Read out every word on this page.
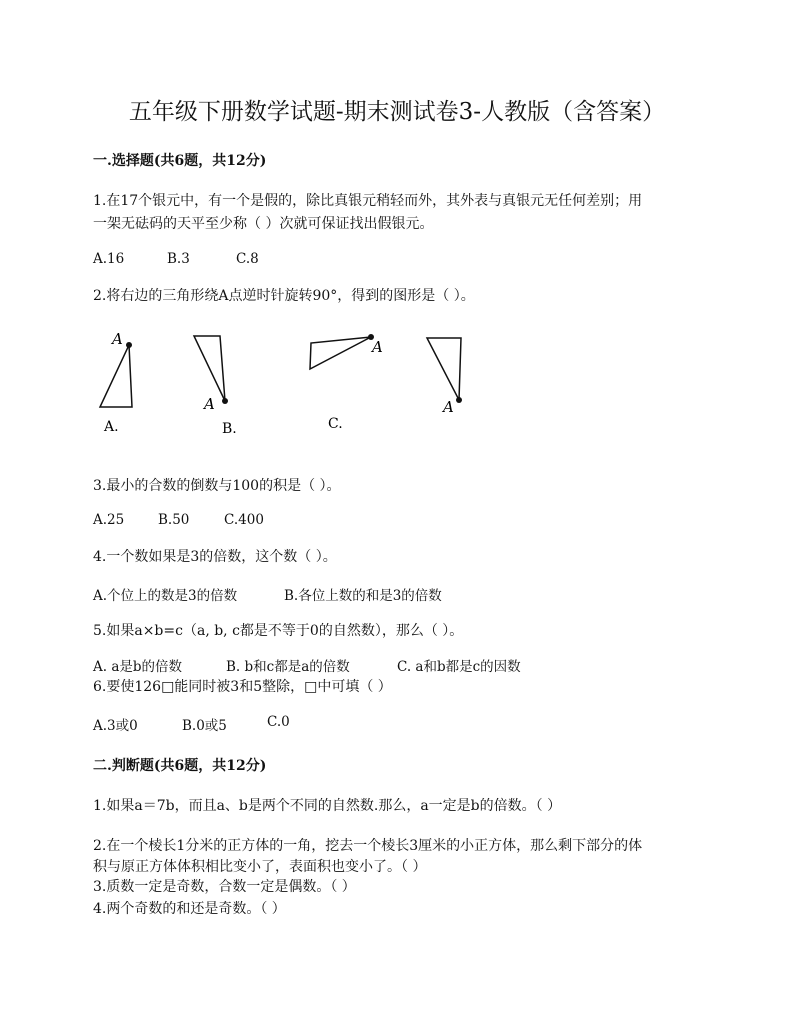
五年级下册数学试题-期末测试卷3-人教版（含答案）
一.选择题(共6题，共12分)
1.在17个银元中，有一个是假的，除比真银元稍轻而外，其外表与真银元无任何差别；用
一架无砝码的天平至少称（ ）次就可保证找出假银元。
A.16	B.3	C.8
2.将右边的三角形绕A点逆时针旋转90°，得到的图形是（ ）。
A
A.
A
B.
A
C.
A
3.最小的合数的倒数与100的积是（ ）。
A.25	B.50	C.400
4.一个数如果是3的倍数，这个数（ ）。
A.个位上的数是3的倍数	B.各位上数的和是3的倍数
5.如果a×b=c（a, b, c都是不等于0的自然数），那么（ ）。
A. a是b的倍数	B. b和c都是a的倍数	C. a和b都是c的因数
6.要使126□能同时被3和5整除，□中可填（ ）
A.3或0	B.0或5	C.0
二.判断题(共6题，共12分)
1.如果a＝7b，而且a、b是两个不同的自然数.那么，a一定是b的倍数。（ ）
2.在一个棱长1分米的正方体的一角，挖去一个棱长3厘米的小正方体，那么剩下部分的体
积与原正方体体积相比变小了，表面积也变小了。（ ）
3.质数一定是奇数，合数一定是偶数。（ ）
4.两个奇数的和还是奇数。（ ）
